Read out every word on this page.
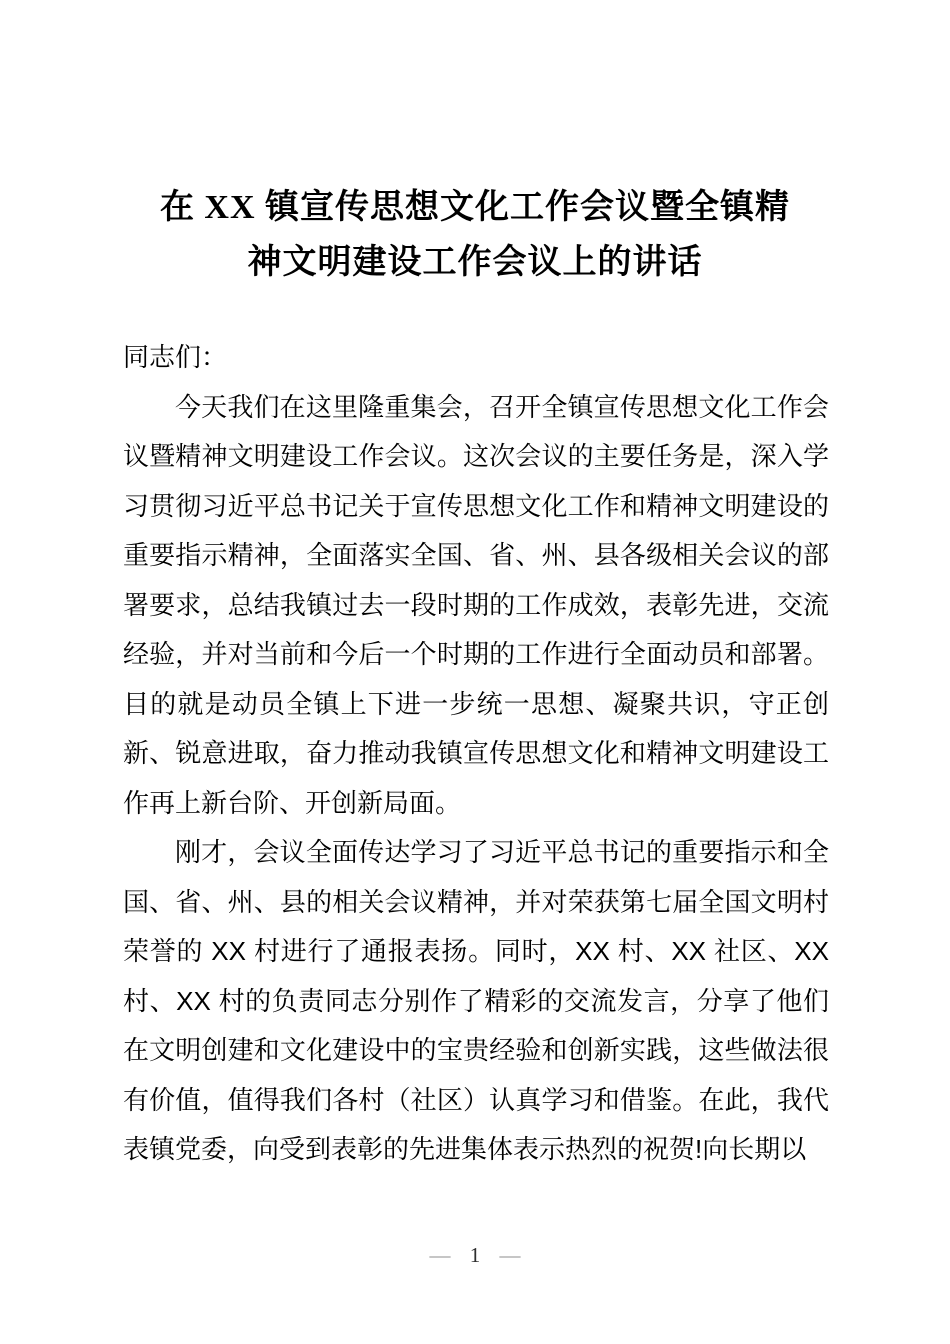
在 XX 镇宣传思想文化工作会议暨全镇精
神文明建设工作会议上的讲话

同志们：

今天我们在这里隆重集会，召开全镇宣传思想文化工作会议暨精神文明建设工作会议。这次会议的主要任务是，深入学习贯彻习近平总书记关于宣传思想文化工作和精神文明建设的重要指示精神，全面落实全国、省、州、县各级相关会议的部署要求，总结我镇过去一段时期的工作成效，表彰先进，交流经验，并对当前和今后一个时期的工作进行全面动员和部署。目的就是动员全镇上下进一步统一思想、凝聚共识，守正创新、锐意进取，奋力推动我镇宣传思想文化和精神文明建设工作再上新台阶、开创新局面。

刚才，会议全面传达学习了习近平总书记的重要指示和全国、省、州、县的相关会议精神，并对荣获第七届全国文明村荣誉的 XX 村进行了通报表扬。同时，XX 村、XX 社区、XX 村、XX 村的负责同志分别作了精彩的交流发言，分享了他们在文明创建和文化建设中的宝贵经验和创新实践，这些做法很有价值，值得我们各村（社区）认真学习和借鉴。在此，我代表镇党委，向受到表彰的先进集体表示热烈的祝贺!向长期以

— 1 —
